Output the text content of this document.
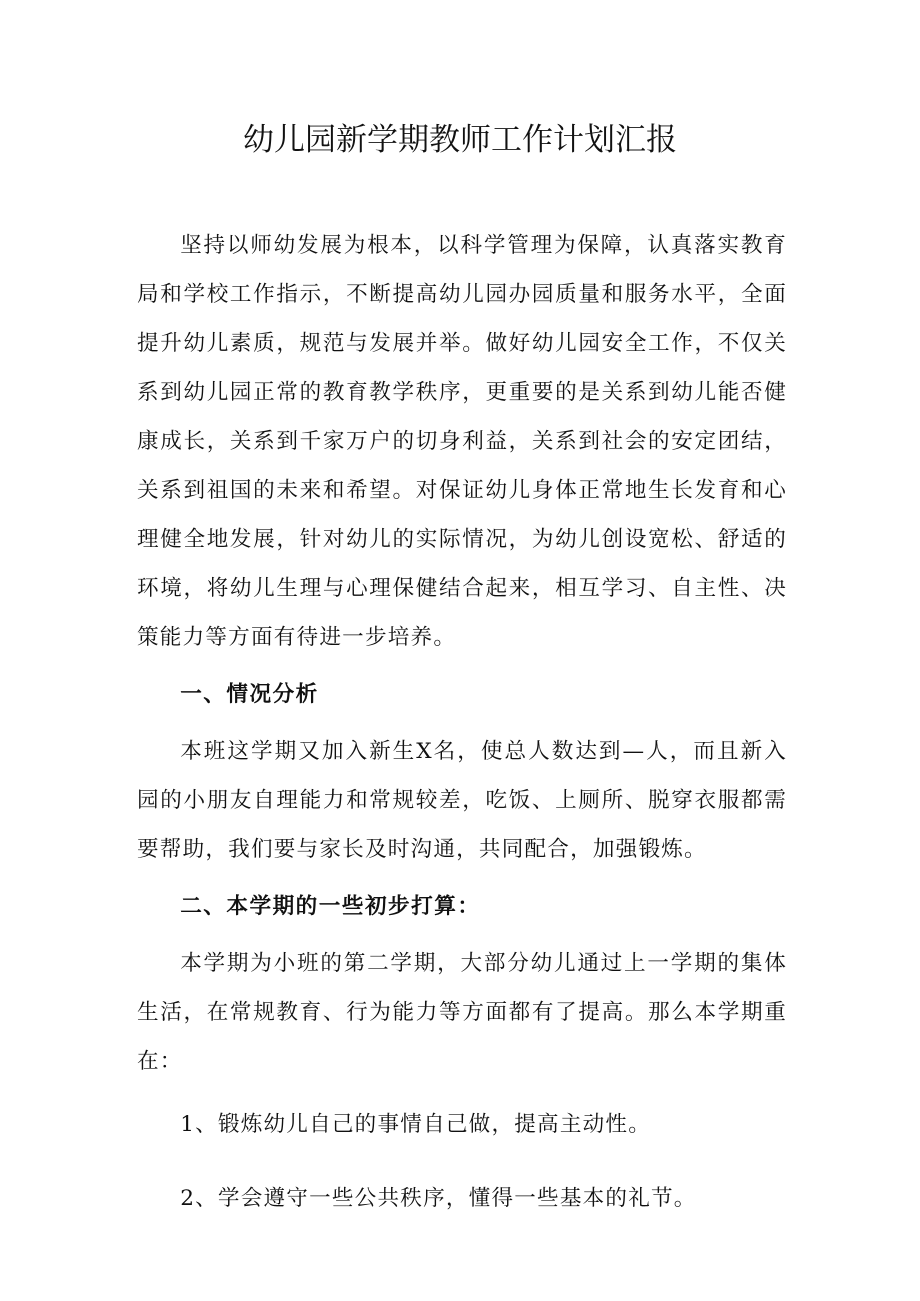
幼儿园新学期教师工作计划汇报

坚持以师幼发展为根本，以科学管理为保障，认真落实教育局和学校工作指示，不断提高幼儿园办园质量和服务水平，全面提升幼儿素质，规范与发展并举。做好幼儿园安全工作，不仅关系到幼儿园正常的教育教学秩序，更重要的是关系到幼儿能否健康成长，关系到千家万户的切身利益，关系到社会的安定团结，关系到祖国的未来和希望。对保证幼儿身体正常地生长发育和心理健全地发展，针对幼儿的实际情况，为幼儿创设宽松、舒适的环境，将幼儿生理与心理保健结合起来，相互学习、自主性、决策能力等方面有待进一步培养。

一、情况分析

本班这学期又加入新生X名，使总人数达到—人，而且新入园的小朋友自理能力和常规较差，吃饭、上厕所、脱穿衣服都需要帮助，我们要与家长及时沟通，共同配合，加强锻炼。

二、本学期的一些初步打算：

本学期为小班的第二学期，大部分幼儿通过上一学期的集体生活，在常规教育、行为能力等方面都有了提高。那么本学期重在：

1、锻炼幼儿自己的事情自己做，提高主动性。

2、学会遵守一些公共秩序，懂得一些基本的礼节。
